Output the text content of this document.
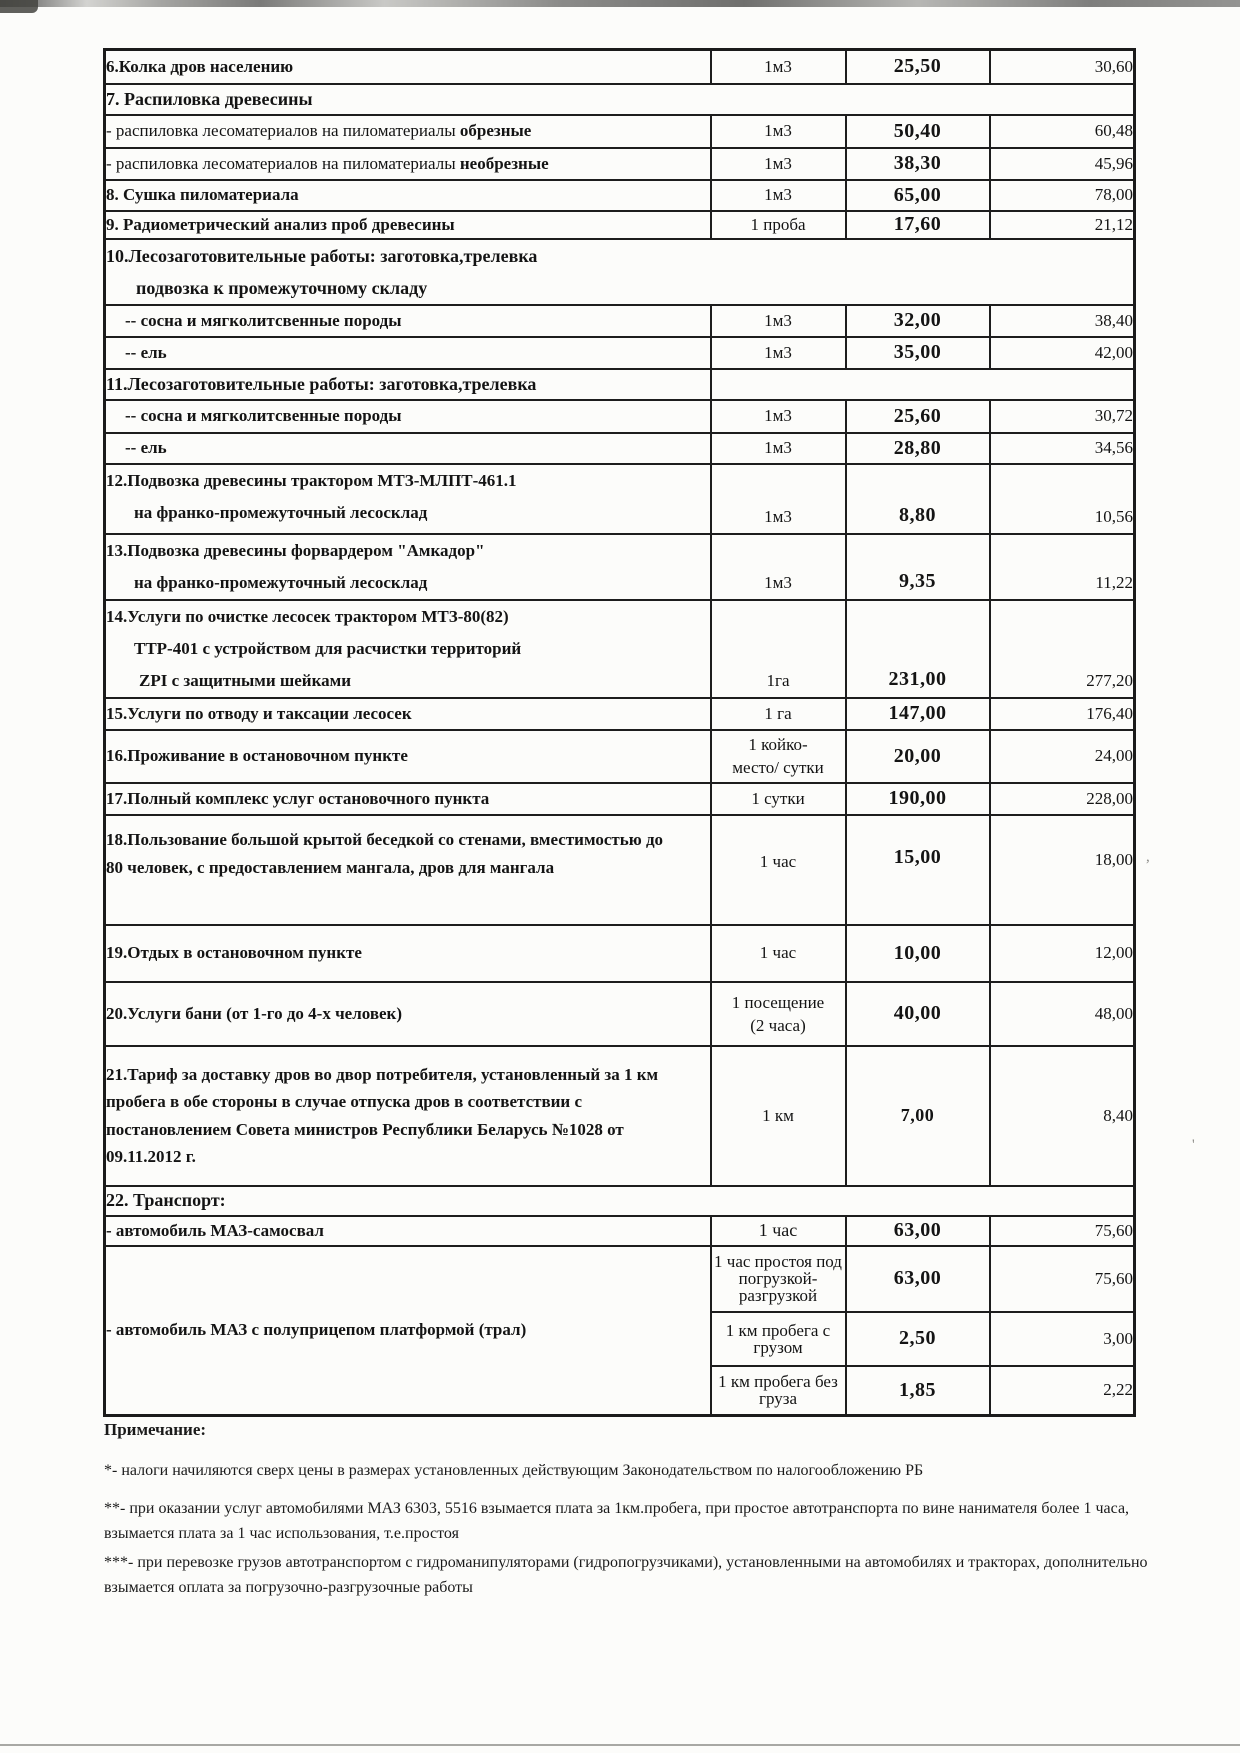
6.Колка дров населению	1м3	25,50	30,60
7. Распиловка древесины			
- распиловка лесоматериалов на пиломатериалы обрезные	1м3	50,40	60,48
- распиловка лесоматериалов на пиломатериалы необрезные	1м3	38,30	45,96
8. Сушка пиломатериала	1м3	65,00	78,00
9. Радиометрический анализ проб древесины	1 проба	17,60	21,12

10.Лесозаготовительные работы: заготовка,трелевка
подвозка к промежуточному складу			

-- сосна и мягколитсвенные породы	1м3	32,00	38,40
-- ель	1м3	35,00	42,00
11.Лесозаготовительные работы: заготовка,трелевка			
-- сосна и мягколитсвенные породы	1м3	25,60	30,72
-- ель	1м3	28,80	34,56

12.Подвозка древесины трактором МТЗ-МЛПТ-461.1
на франко-промежуточный лесосклад	1м3	8,80	10,56

13.Подвозка древесины форвардером "Амкадор"
на франко-промежуточный лесосклад	1м3	9,35	11,22

14.Услуги по очистке лесосек трактором МТЗ-80(82)
ТТР-401 с устройством для расчистки территорий
ZPI с защитными шейками	1га	231,00	277,20
15.Услуги по отводу и таксации лесосек	1 га	147,00	176,40
16.Проживание в остановочном пункте	1 койко-
место/ сутки	20,00	24,00
17.Полный комплекс услуг остановочного пункта	1 сутки	190,00	228,00

18.Пользование большой крытой беседкой со стенами, вместимостью до 80 человек, с предоставлением мангала, дров для мангала	1 час	15,00	18,00
19.Отдых в остановочном пункте	1 час	10,00	12,00
20.Услуги бани (от 1-го до 4-х человек)	1 посещение
(2 часа)	40,00	48,00

21.Тариф за доставку дров во двор потребителя, установленный за 1 км пробега в обе стороны в случае отпуска дров в соответствии с постановлением Совета министров Республики Беларусь №1028 от 09.11.2012 г.	1 км	7,00	8,40
22. Транспорт:			
- автомобиль МАЗ-самосвал	1 час	63,00	75,60
- автомобиль МАЗ с полуприцепом платформой (трал)	1 час простоя под
погрузкой-
разгрузкой	63,00	75,60

	1 км пробега с
грузом	2,50	3,00

	1 км пробега без
груза	1,85	2,22
Примечание:
*- налоги начиляются сверх цены в размерах установленных действующим Законодательством по налогообложению РБ
**- при оказании услуг автомобилями МАЗ 6303, 5516 взымается плата за 1км.пробега, при простое автотранспорта по вине нанимателя более 1 часа, взымается плата за 1 час использования, т.е.простоя
***- при перевозке грузов автотранспортом с гидроманипуляторами (гидропогрузчиками), установленными на автомобилях и тракторах, дополнительно взымается оплата за погрузочно-разгрузочные работы
'
,
